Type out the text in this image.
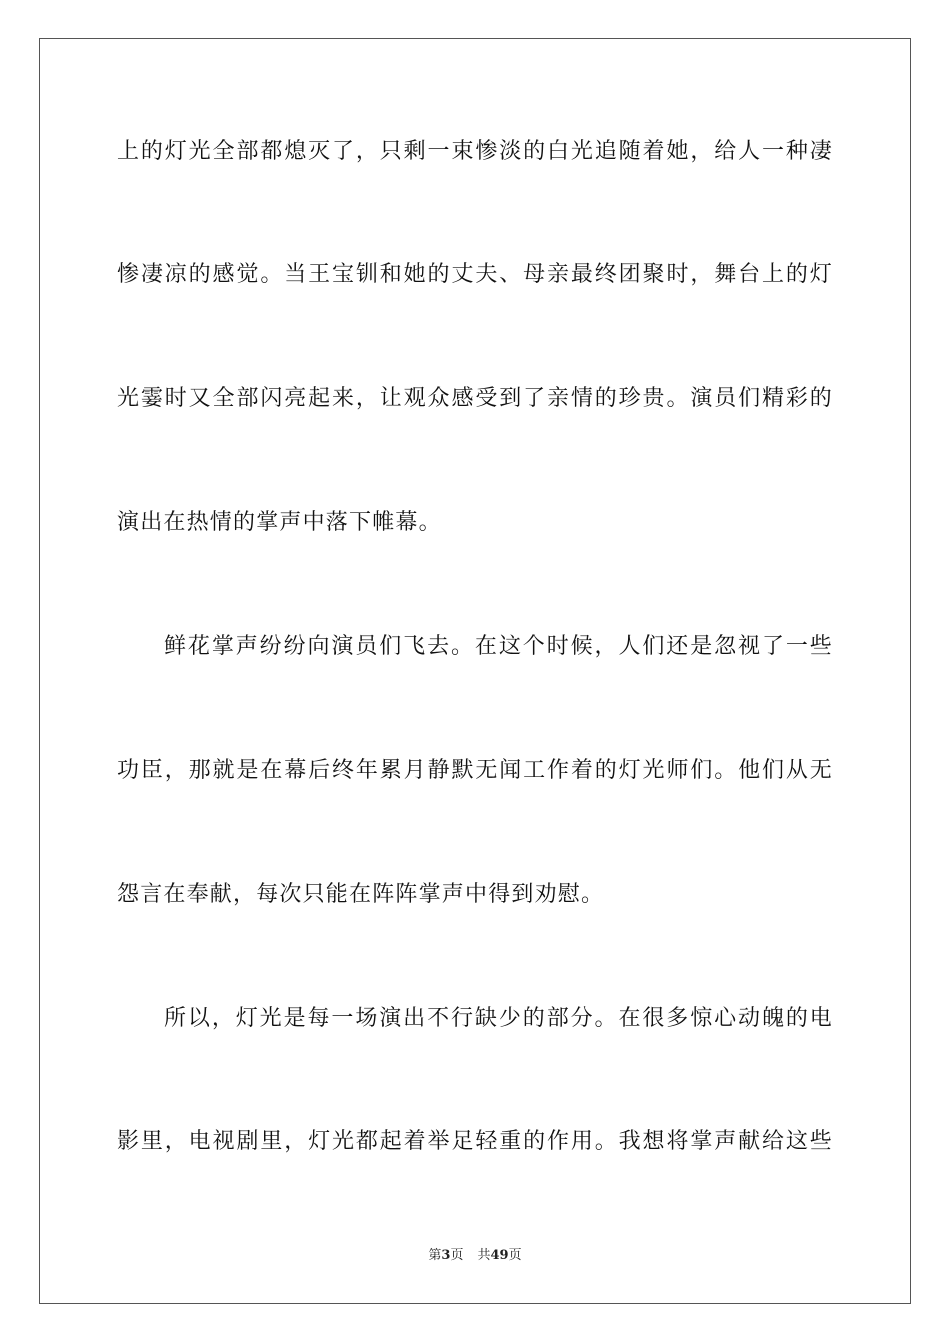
上的灯光全部都熄灭了，只剩一束惨淡的白光追随着她，给人一种凄
惨凄凉的感觉。当王宝钏和她的丈夫、母亲最终团聚时，舞台上的灯
光霎时又全部闪亮起来，让观众感受到了亲情的珍贵。演员们精彩的
演出在热情的掌声中落下帷幕。
鲜花掌声纷纷向演员们飞去。在这个时候，人们还是忽视了一些
功臣，那就是在幕后终年累月静默无闻工作着的灯光师们。他们从无
怨言在奉献，每次只能在阵阵掌声中得到劝慰。
所以，灯光是每一场演出不行缺少的部分。在很多惊心动魄的电
影里，电视剧里，灯光都起着举足轻重的作用。我想将掌声献给这些
第3页 共49页
